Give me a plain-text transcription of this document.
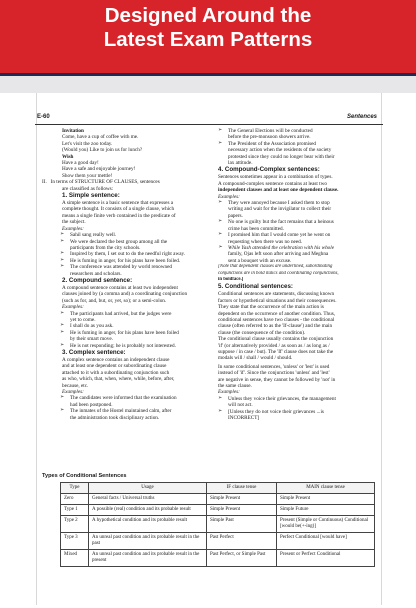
Designed Around the
Latest Exam Patterns
E-60	Sentences
Invitation
Come, have a cup of coffee with me.
Let's visit the zoo today.
(Would you) Like to join us for lunch?
Wish
Have a good day!
Have a safe and enjoyable journey!
Show them your mettle!
II. In terms of STRUCTURE OF CLAUSES, sentences
are classified as follows:
1. Simple sentence:
A simple sentence is a basic sentence that expresses a
complete thought. It consists of a single clause, which
means a single finite verb contained in the predicate of
the subject.
Examples:
➢ Sahil sang really well.
➢ We were declared the best group among all the
participants from the city schools.
➢ Inspired by them, I set out to do the needful right away.
➢ He is fuming in anger, for his plans have been foiled.
➢ The conference was attended by world renowned
researchers and scholars.
2. Compound sentence:
A compound sentence contains at least two independent
clauses joined by (a comma and) a coordinating conjunction
(such as for, and, but, or, yet, so); or a semi-colon.
Examples:
➢ The participants had arrived, but the judges were
yet to come.
➢ I shall do as you ask.
➢ He is fuming in anger, for his plans have been foiled
by their smart move.
➢ He is not responding; he is probably not interested.
3. Complex sentence:
A complex sentence contains an independent clause
and at least one dependent or subordinating clause
attached to it with a subordinating conjunction such
as who, which, that, when, where, while, before, after,
because, etc.
Examples:
➢ The candidates were informed that the examination
had been postponed.
➢ The inmates of the Hostel maintained calm, after
the administration took disciplinary action.
➢ The General Elections will be conducted
before the pre-monsoon showers arrive.
➢ The President of the Association promised
necessary action when the residents of the society
protested since they could no longer bear with their
lax attitude.
4. Compound-Complex sentences:
Sentences sometimes appear in a combination of types.
A compound-complex sentence contains at least two
independent clauses and at least one dependent clause.
Examples:
➢ They were annoyed because I asked them to stop
writing and wait for the invigilator to collect their
papers.
➢ No one is guilty but the fact remains that a heinous
crime has been committed.
➢ I promised him that I would come yet he went on
requesting when there was no need.
➢ While Yash attended the celebration with his whole
family, Ojas left soon after arriving and Meghna
sent a bouquet with an excuse.
[Note that dependent clauses are underlined, subordinating
conjunctions are in bold italics and coordinating conjunctions,
in boldface.]
5. Conditional sentences:
Conditional sentences are statements, discussing known
factors or hypothetical situations and their consequences.
They state that the occurrence of the main action is
dependent on the occurrence of another condition. Thus,
conditional sentences have two clauses - the conditional
clause (often referred to as the 'If-clause') and the main
clause (the consequence of the condition).
The conditional clause usually contains the conjunction
'if' (or alternatively provided / as soon as / as long as /
suppose / in case / but). The 'If' clause does not take the
modals will / shall / would / should.
In some conditional sentences, 'unless' or 'lest' is used
instead of 'if'. Since the conjunctions 'unless' and 'lest'
are negative in sense, they cannot be followed by 'not' in
the same clause.
Examples:
➢ Unless they voice their grievances, the management
will not act.
➢ [Unless they do not voice their grievances ...is
INCORRECT]
Types of Conditional Sentences
Type	Usage	IF clause tense	MAIN clause tense
Zero	General facts / Universal truths	Simple Present	Simple Present
Type 1	A possible (real) condition and its probable result	Simple Present	Simple Future
Type 2	A hypothetical condition and its probable result	Simple Past	Present (Simple or Continuous) Conditional [would be(+-ing)]
Type 3	An unreal past condition and its probable result in the past	Past Perfect	Perfect Conditional [would have]
Mixed	An unreal past condition and its probable result in the present	Past Perfect, or Simple Past	Present or Perfect Conditional
